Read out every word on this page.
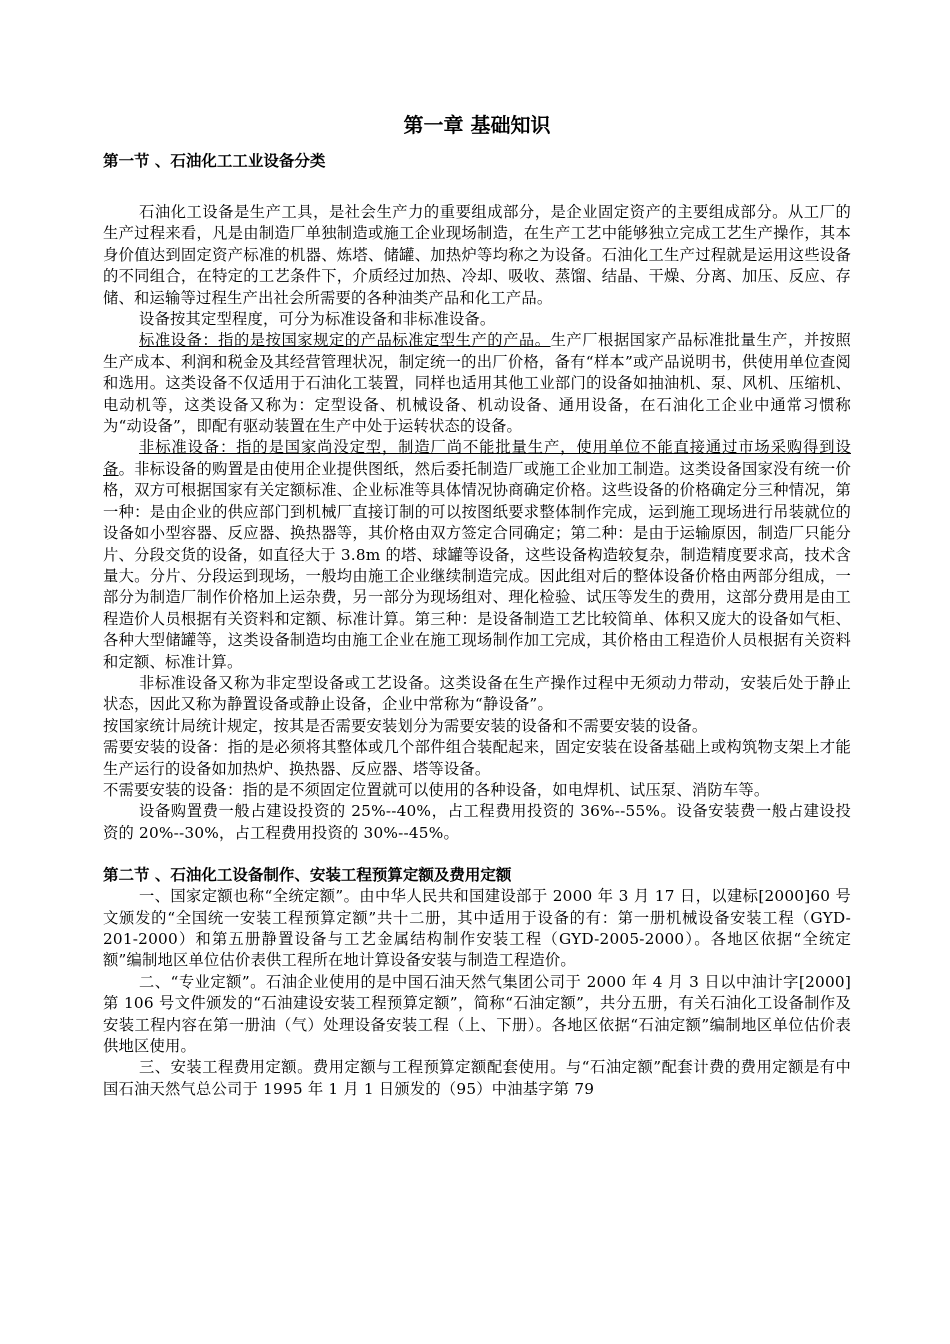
第一章 基础知识
第一节 、石油化工工业设备分类

石油化工设备是生产工具，是社会生产力的重要组成部分，是企业固定资产的主要组成部分。从工厂的生产过程来看，凡是由制造厂单独制造或施工企业现场制造，在生产工艺中能够独立完成工艺生产操作，其本身价值达到固定资产标准的机器、炼塔、储罐、加热炉等均称之为设备。石油化工生产过程就是运用这些设备的不同组合，在特定的工艺条件下，介质经过加热、冷却、吸收、蒸馏、结晶、干燥、分离、加压、反应、存储、和运输等过程生产出社会所需要的各种油类产品和化工产品。

设备按其定型程度，可分为标准设备和非标准设备。

标准设备：指的是按国家规定的产品标准定型生产的产品。生产厂根据国家产品标准批量生产，并按照生产成本、利润和税金及其经营管理状况，制定统一的出厂价格，备有“样本”或产品说明书，供使用单位查阅和选用。这类设备不仅适用于石油化工装置，同样也适用其他工业部门的设备如抽油机、泵、风机、压缩机、电动机等，这类设备又称为：定型设备、机械设备、机动设备、通用设备，在石油化工企业中通常习惯称为“动设备”，即配有驱动装置在生产中处于运转状态的设备。

非标准设备：指的是国家尚没定型，制造厂尚不能批量生产，使用单位不能直接通过市场采购得到设备。非标设备的购置是由使用企业提供图纸，然后委托制造厂或施工企业加工制造。这类设备国家没有统一价格，双方可根据国家有关定额标准、企业标准等具体情况协商确定价格。这些设备的价格确定分三种情况，第一种：是由企业的供应部门到机械厂直接订制的可以按图纸要求整体制作完成，运到施工现场进行吊装就位的设备如小型容器、反应器、换热器等，其价格由双方签定合同确定；第二种：是由于运输原因，制造厂只能分片、分段交货的设备，如直径大于 3.8m 的塔、球罐等设备，这些设备构造较复杂，制造精度要求高，技术含量大。分片、分段运到现场，一般均由施工企业继续制造完成。因此组对后的整体设备价格由两部分组成，一部分为制造厂制作价格加上运杂费，另一部分为现场组对、理化检验、试压等发生的费用，这部分费用是由工程造价人员根据有关资料和定额、标准计算。第三种：是设备制造工艺比较简单、体积又庞大的设备如气柜、各种大型储罐等，这类设备制造均由施工企业在施工现场制作加工完成，其价格由工程造价人员根据有关资料和定额、标准计算。

非标准设备又称为非定型设备或工艺设备。这类设备在生产操作过程中无须动力带动，安装后处于静止状态，因此又称为静置设备或静止设备，企业中常称为“静设备”。

按国家统计局统计规定，按其是否需要安装划分为需要安装的设备和不需要安装的设备。

需要安装的设备：指的是必须将其整体或几个部件组合装配起来，固定安装在设备基础上或构筑物支架上才能生产运行的设备如加热炉、换热器、反应器、塔等设备。

不需要安装的设备：指的是不须固定位置就可以使用的各种设备，如电焊机、试压泵、消防车等。

设备购置费一般占建设投资的 25%--40%，占工程费用投资的 36%--55%。设备安装费一般占建设投资的 20%--30%，占工程费用投资的 30%--45%。

第二节 、石油化工设备制作、安装工程预算定额及费用定额

一、国家定额也称“全统定额”。由中华人民共和国建设部于 2000 年 3 月 17 日，以建标[2000]60 号文颁发的“全国统一安装工程预算定额”共十二册，其中适用于设备的有：第一册机械设备安装工程（GYD-201-2000）和第五册静置设备与工艺金属结构制作安装工程（GYD-2005-2000）。各地区依据“全统定额”编制地区单位估价表供工程所在地计算设备安装与制造工程造价。

二、“专业定额”。石油企业使用的是中国石油天然气集团公司于 2000 年 4 月 3 日以中油计字[2000]第 106 号文件颁发的“石油建设安装工程预算定额”，简称“石油定额”，共分五册，有关石油化工设备制作及安装工程内容在第一册油（气）处理设备安装工程（上、下册）。各地区依据“石油定额”编制地区单位估价表供地区使用。

三、安装工程费用定额。费用定额与工程预算定额配套使用。与“石油定额”配套计费的费用定额是有中国石油天然气总公司于 1995 年 1 月 1 日颁发的（95）中油基字第 79
